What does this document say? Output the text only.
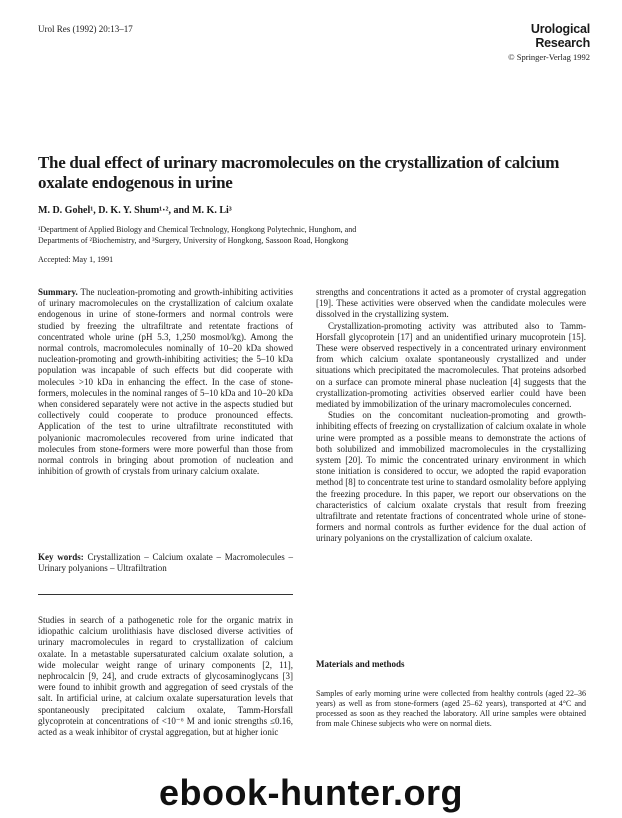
Urol Res (1992) 20:13–17	Urological Research
© Springer-Verlag 1992
The dual effect of urinary macromolecules on the crystallization of calcium oxalate endogenous in urine
M. D. Gohel¹, D. K. Y. Shum¹·², and M. K. Li³
¹Department of Applied Biology and Chemical Technology, Hongkong Polytechnic, Hunghom, and
Departments of ²Biochemistry, and ³Surgery, University of Hongkong, Sassoon Road, Hongkong
Accepted: May 1, 1991

Summary. The nucleation-promoting and growth-inhibiting activities of urinary macromolecules on the crystallization of calcium oxalate endogenous in urine of stone-formers and normal controls were studied by freezing the ultrafiltrate and retentate fractions of concentrated whole urine (pH 5.3, 1,250 mosmol/kg). Among the normal controls, macromolecules nominally of 10–20 kDa showed nucleation-promoting and growth-inhibiting activities; the 5–10 kDa population was incapable of such effects but did cooperate with molecules >10 kDa in enhancing the effect. In the case of stone-formers, molecules in the nominal ranges of 5–10 kDa and 10–20 kDa when considered separately were not active in the aspects studied but collectively could cooperate to produce pronounced effects. Application of the test to urine ultrafiltrate reconstituted with polyanionic macromolecules recovered from urine indicated that molecules from stone-formers were more powerful than those from normal controls in bringing about promotion of nucleation and inhibition of growth of crystals from urinary calcium oxalate.

Key words: Crystallization – Calcium oxalate – Macromolecules – Urinary polyanions – Ultrafiltration

Studies in search of a pathogenetic role for the organic matrix in idiopathic calcium urolithiasis have disclosed diverse activities of urinary macromolecules in regard to crystallization of calcium oxalate. In a metastable supersaturated calcium oxalate solution, a wide molecular weight range of urinary components [2, 11], nephrocalcin [9, 24], and crude extracts of glycosaminoglycans [3] were found to inhibit growth and aggregation of seed crystals of the salt. In artificial urine, at calcium oxalate supersaturation levels that spontaneously precipitated calcium oxalate, Tamm-Horsfall glycoprotein at concentrations of <10⁻⁶ M and ionic strengths ≤0.16, acted as a weak inhibitor of crystal aggregation, but at higher ionic

strengths and concentrations it acted as a promoter of crystal aggregation [19]. These activities were observed when the candidate molecules were dissolved in the crystallizing system.

Crystallization-promoting activity was attributed also to Tamm-Horsfall glycoprotein [17] and an unidentified urinary mucoprotein [15]. These were observed respectively in a concentrated urinary environment from which calcium oxalate spontaneously crystallized and under situations which precipitated the macromolecules. That proteins adsorbed on a surface can promote mineral phase nucleation [4] suggests that the crystallization-promoting activities observed earlier could have been mediated by immobilization of the urinary macromolecules concerned.

Studies on the concomitant nucleation-promoting and growth-inhibiting effects of freezing on crystallization of calcium oxalate in whole urine were prompted as a possible means to demonstrate the actions of both solubilized and immobilized macromolecules in the crystallizing system [20]. To mimic the concentrated urinary environment in which stone initiation is considered to occur, we adopted the rapid evaporation method [8] to concentrate test urine to standard osmolality before applying the freezing procedure. In this paper, we report our observations on the characteristics of calcium oxalate crystals that result from freezing ultrafiltrate and retentate fractions of concentrated whole urine of stone-formers and normal controls as further evidence for the dual action of urinary polyanions on the crystallization of calcium oxalate.

Materials and methods

Samples of early morning urine were collected from healthy controls (aged 22–36 years) as well as from stone-formers (aged 25–62 years), transported at 4°C and processed as soon as they reached the laboratory. All urine samples were obtained from male Chinese subjects who were on normal diets.

ebook-hunter.org
